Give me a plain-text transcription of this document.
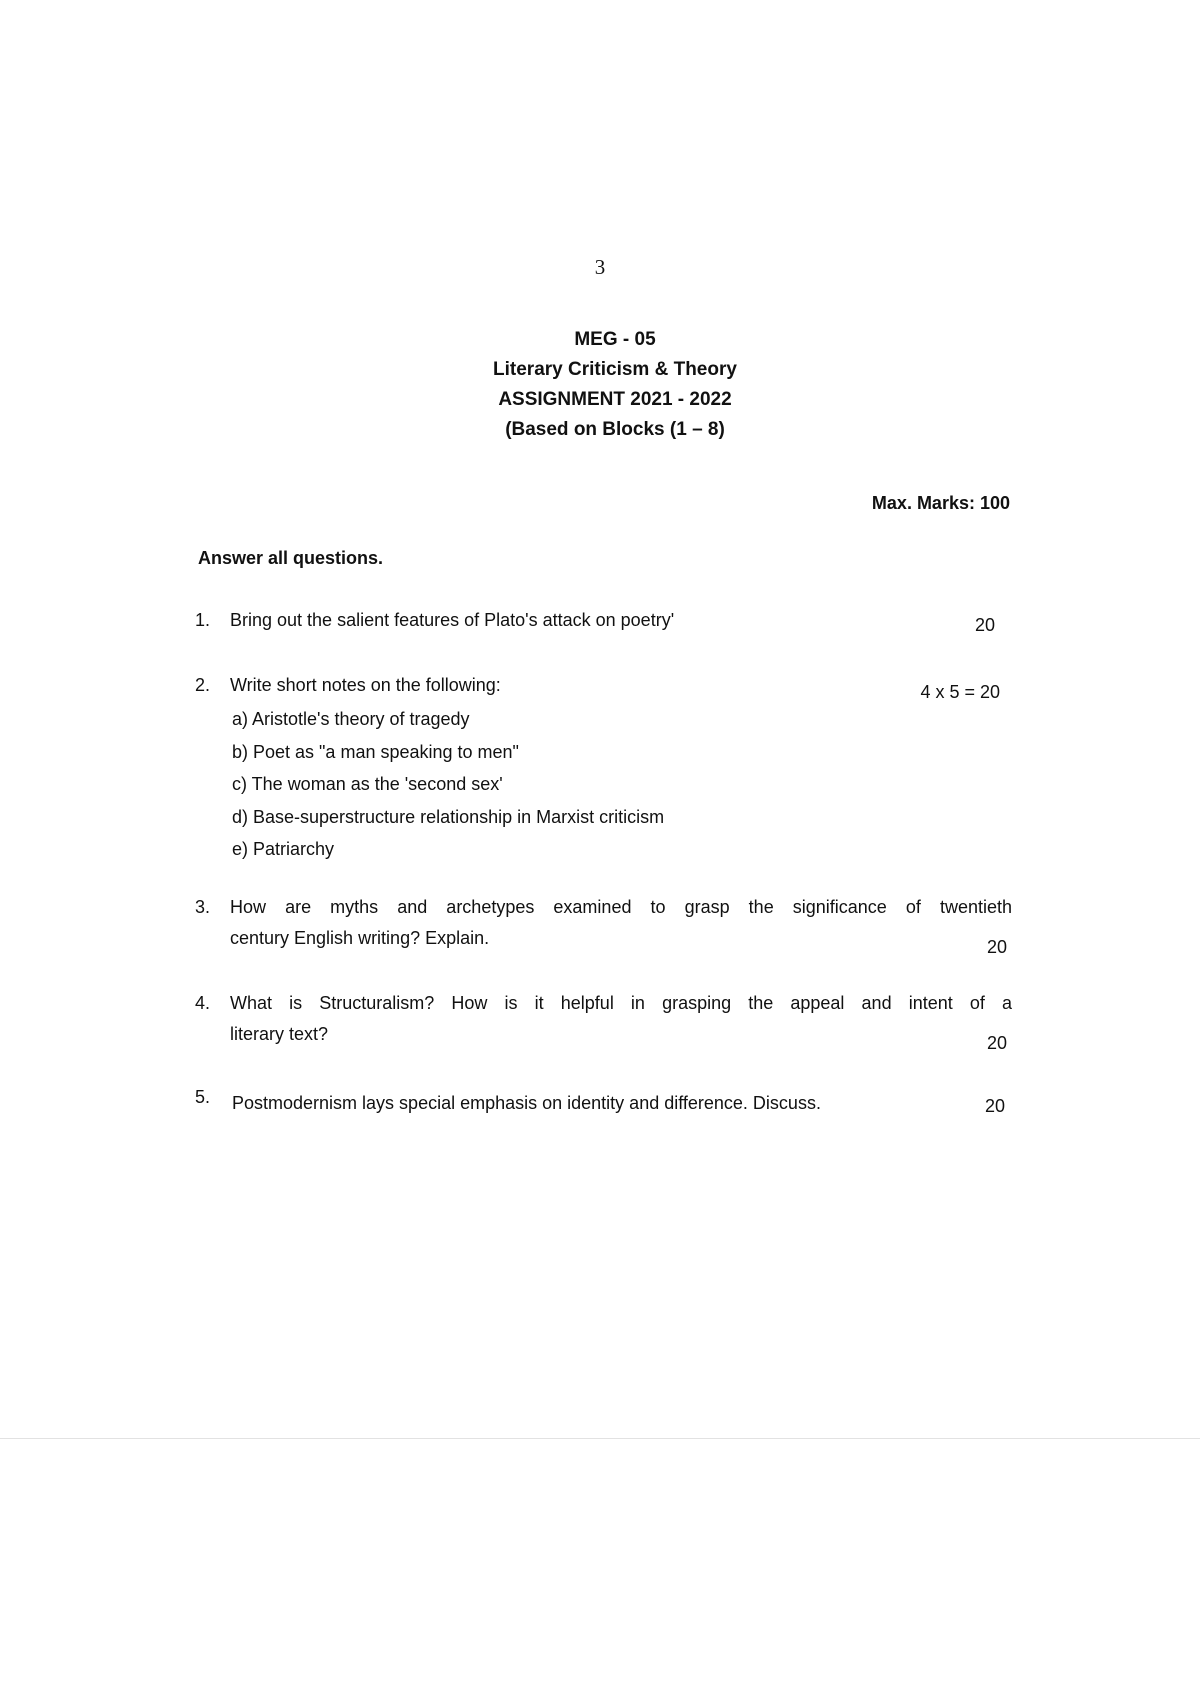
3
MEG - 05
Literary Criticism & Theory
ASSIGNMENT 2021 - 2022
(Based on Blocks (1 – 8)
Max. Marks: 100
Answer all questions.
1. Bring out the salient features of Plato's attack on poetry'	20
2. Write short notes on the following:	4 x 5 = 20
a) Aristotle's theory of tragedy
b) Poet as "a man speaking to men"
c) The woman as the 'second sex'
d) Base-superstructure relationship in Marxist criticism
e) Patriarchy
3. How are myths and archetypes examined to grasp the significance of twentieth
century English writing? Explain.	20
4. What is Structuralism? How is it helpful in grasping the appeal and intent of a
literary text?	20
5. Postmodernism lays special emphasis on identity and difference. Discuss.	20
